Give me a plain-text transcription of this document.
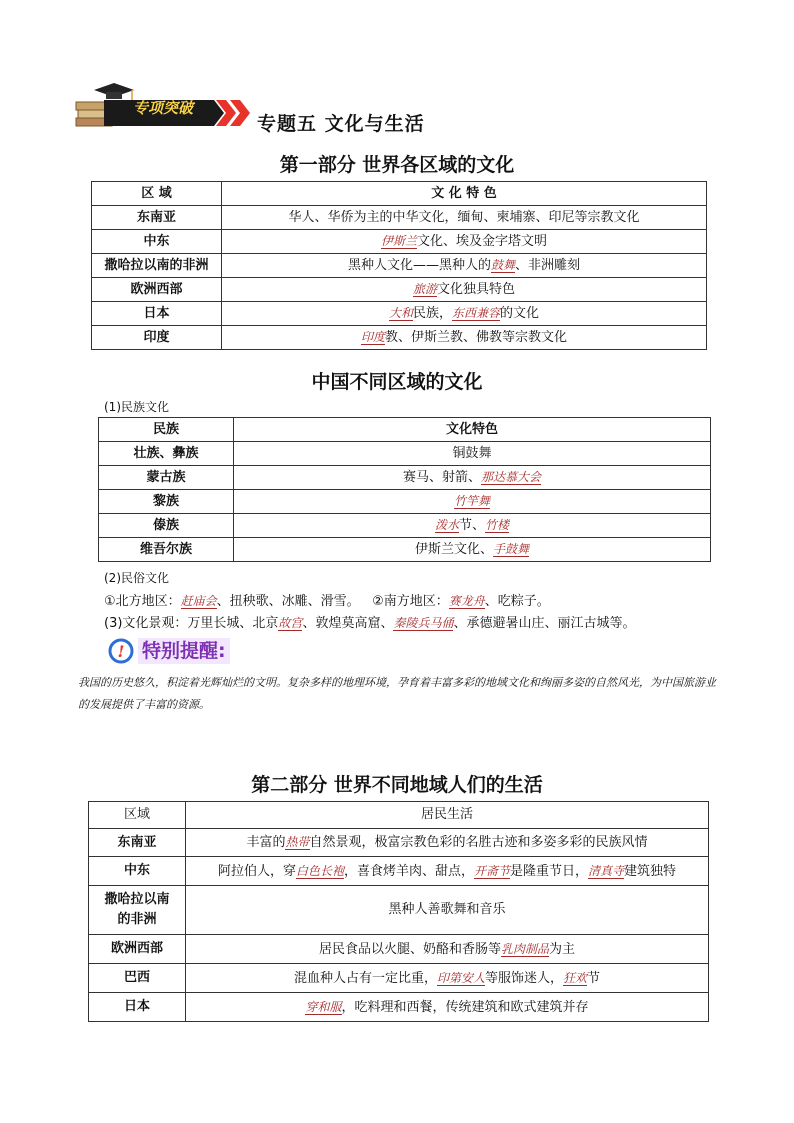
专项突破
专题五 文化与生活
第一部分 世界各区域的文化
区 域	文 化 特 色
东南亚	华人、华侨为主的中华文化，缅甸、柬埔寨、印尼等宗教文化
中东	伊斯兰文化、埃及金字塔文明
撒哈拉以南的非洲	黑种人文化——黑种人的鼓舞、非洲雕刻
欧洲西部	旅游文化独具特色
日本	大和民族，东西兼容的文化
印度	印度教、伊斯兰教、佛教等宗教文化
中国不同区域的文化
(1)民族文化
民族	文化特色
壮族、彝族	铜鼓舞
蒙古族	赛马、射箭、那达慕大会
黎族	竹竿舞
傣族	泼水节、竹楼
维吾尔族	伊斯兰文化、手鼓舞
(2)民俗文化
①北方地区：赶庙会、扭秧歌、冰雕、滑雪。 ②南方地区：赛龙舟、吃粽子。
(3)文化景观：万里长城、北京故宫、敦煌莫高窟、秦陵兵马俑、承德避暑山庄、丽江古城等。
! 特别提醒:
我国的历史悠久，积淀着光辉灿烂的文明。复杂多样的地理环境，孕育着丰富多彩的地域文化和绚丽多姿的自然风光，为中国旅游业的发展提供了丰富的资源。
第二部分 世界不同地域人们的生活
区域	居民生活
东南亚	丰富的热带自然景观，极富宗教色彩的名胜古迹和多姿多彩的民族风情
中东	阿拉伯人，穿白色长袍，喜食烤羊肉、甜点，开斋节是隆重节日，清真寺建筑独特
撒哈拉以南的非洲	黑种人善歌舞和音乐
欧洲西部	居民食品以火腿、奶酪和香肠等乳肉制品为主
巴西	混血种人占有一定比重，印第安人等服饰迷人，狂欢节
日本	穿和服，吃料理和西餐，传统建筑和欧式建筑并存
